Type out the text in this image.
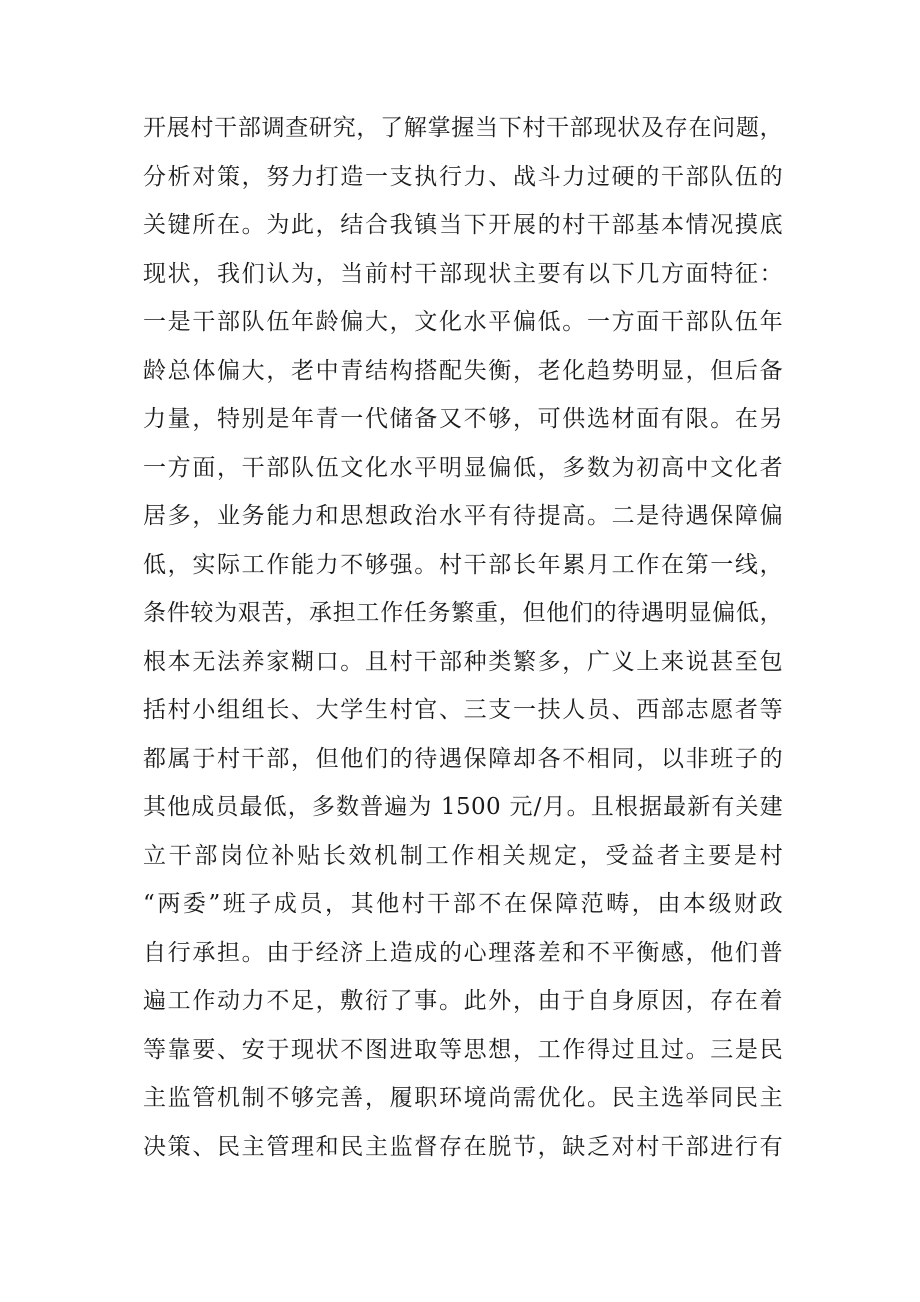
开展村干部调查研究，了解掌握当下村干部现状及存在问题，
分析对策，努力打造一支执行力、战斗力过硬的干部队伍的
关键所在。为此，结合我镇当下开展的村干部基本情况摸底
现状，我们认为，当前村干部现状主要有以下几方面特征：
一是干部队伍年龄偏大，文化水平偏低。一方面干部队伍年
龄总体偏大，老中青结构搭配失衡，老化趋势明显，但后备
力量，特别是年青一代储备又不够，可供选材面有限。在另
一方面，干部队伍文化水平明显偏低，多数为初高中文化者
居多，业务能力和思想政治水平有待提高。二是待遇保障偏
低，实际工作能力不够强。村干部长年累月工作在第一线，
条件较为艰苦，承担工作任务繁重，但他们的待遇明显偏低，
根本无法养家糊口。且村干部种类繁多，广义上来说甚至包
括村小组组长、大学生村官、三支一扶人员、西部志愿者等
都属于村干部，但他们的待遇保障却各不相同，以非班子的
其他成员最低，多数普遍为 1500 元/月。且根据最新有关建
立干部岗位补贴长效机制工作相关规定，受益者主要是村
“两委”班子成员，其他村干部不在保障范畴，由本级财政
自行承担。由于经济上造成的心理落差和不平衡感，他们普
遍工作动力不足，敷衍了事。此外，由于自身原因，存在着
等靠要、安于现状不图进取等思想，工作得过且过。三是民
主监管机制不够完善，履职环境尚需优化。民主选举同民主
决策、民主管理和民主监督存在脱节，缺乏对村干部进行有
